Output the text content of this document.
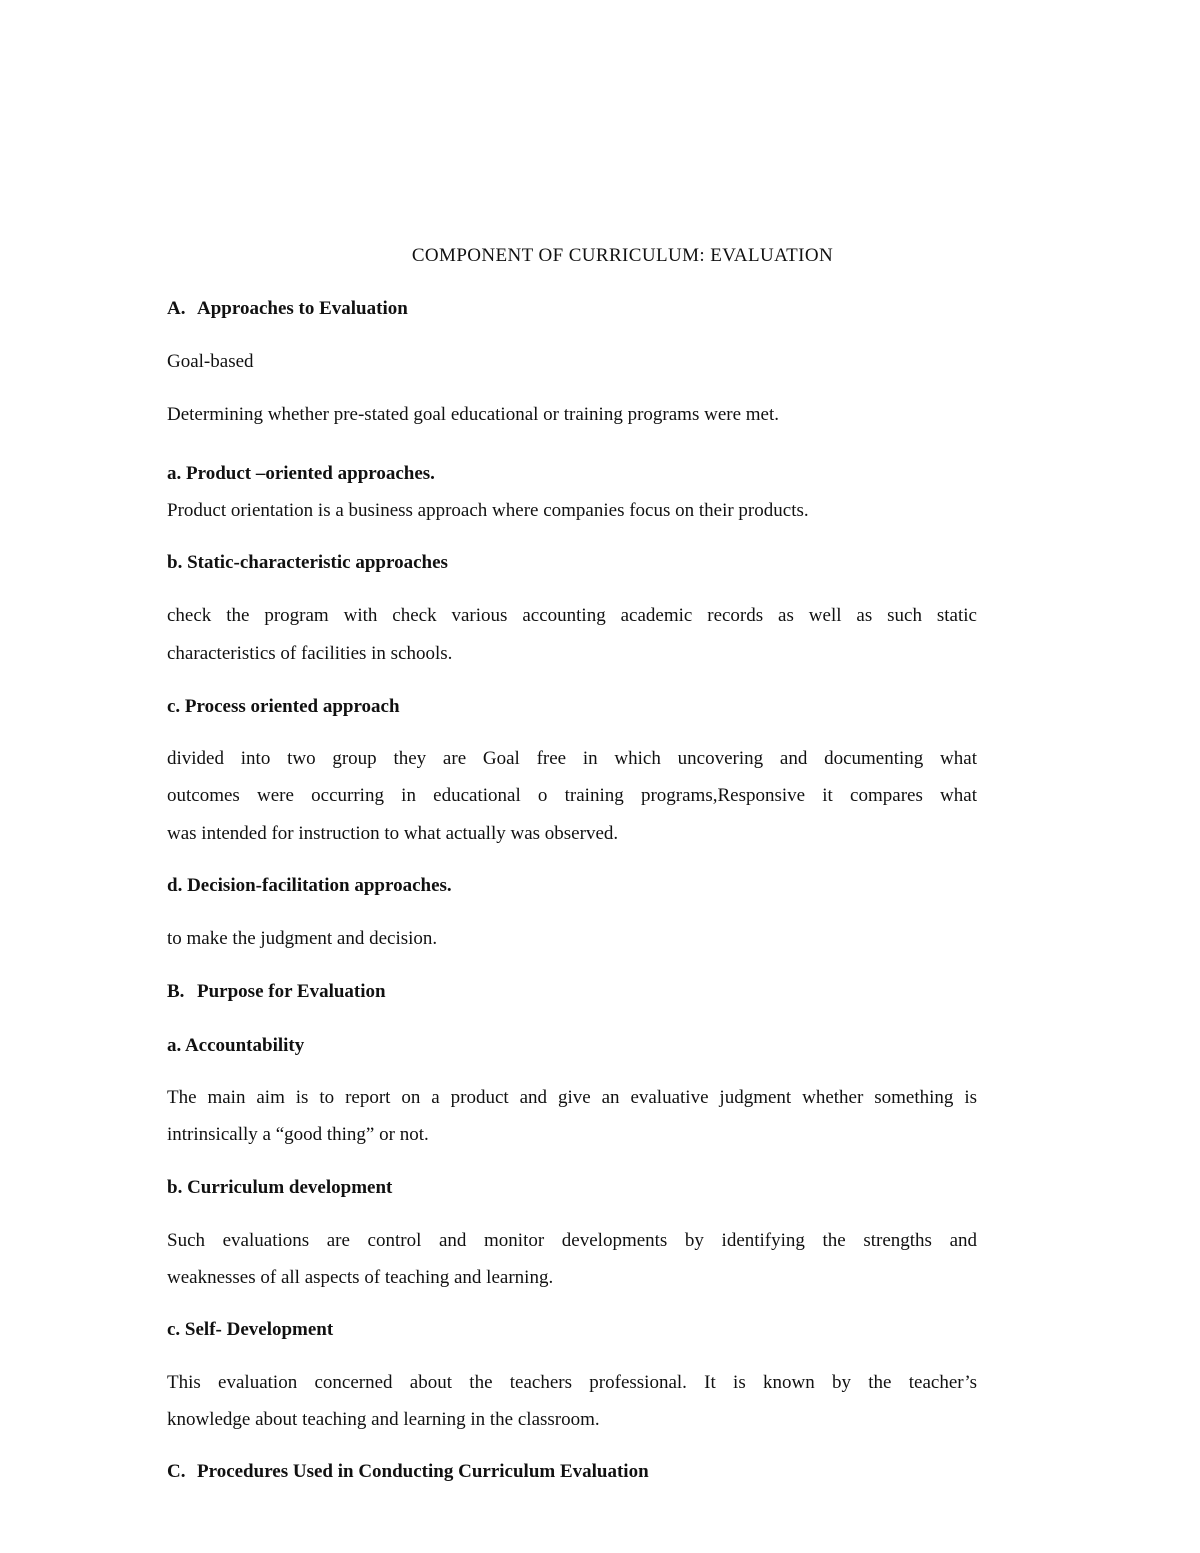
COMPONENT OF CURRICULUM: EVALUATION

A. Approaches to Evaluation

Goal-based

Determining whether pre-stated goal educational or training programs were met.

a. Product –oriented approaches.

Product orientation is a business approach where companies focus on their products.

b. Static-characteristic approaches

check the program with check various accounting academic records as well as such static

characteristics of facilities in schools.

c. Process oriented approach

divided into two group they are Goal free in which uncovering and documenting what

outcomes were occurring in educational o training programs,Responsive it compares what

was intended for instruction to what actually was observed.

d. Decision-facilitation approaches.

to make the judgment and decision.

B. Purpose for Evaluation

a. Accountability

The main aim is to report on a product and give an evaluative judgment whether something is

intrinsically a “good thing” or not.

b. Curriculum development

Such evaluations are control and monitor developments by identifying the strengths and

weaknesses of all aspects of teaching and learning.

c. Self- Development

This evaluation concerned about the teachers professional. It is known by the teacher’s

knowledge about teaching and learning in the classroom.

C. Procedures Used in Conducting Curriculum Evaluation
